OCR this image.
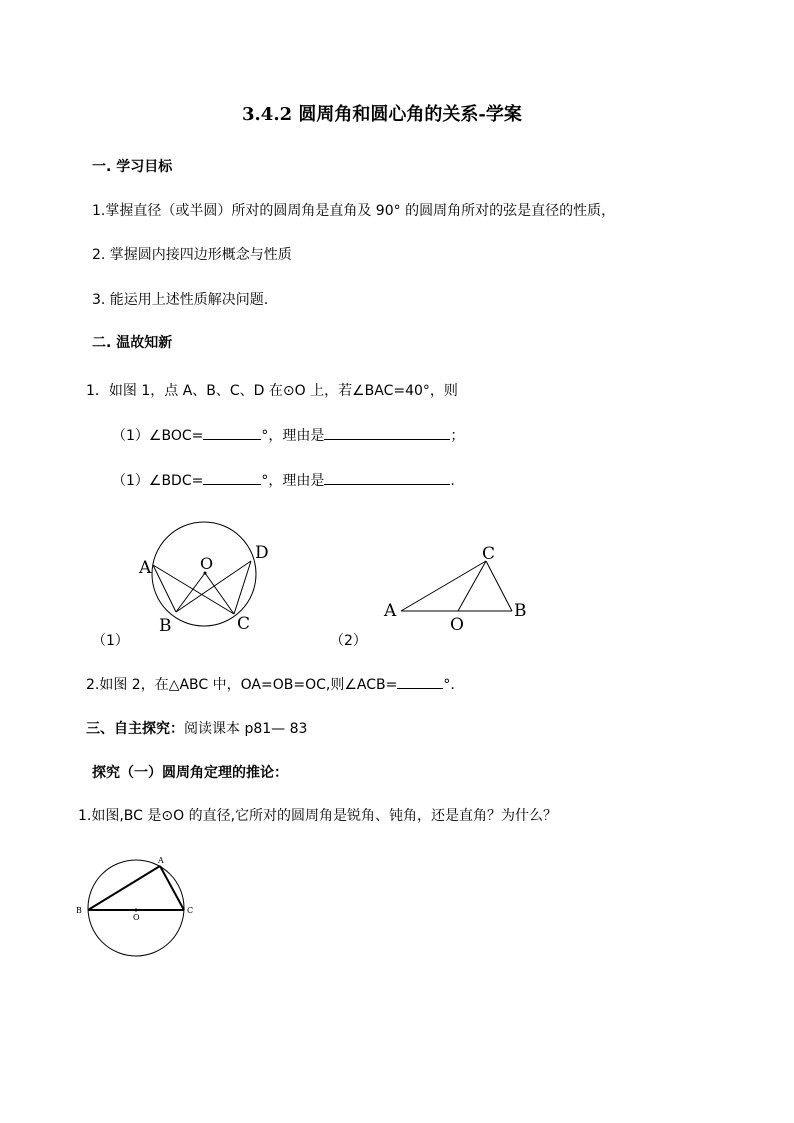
3.4.2 圆周角和圆心角的关系-学案
一. 学习目标
1.掌握直径（或半圆）所对的圆周角是直角及 90° 的圆周角所对的弦是直径的性质，
2. 掌握圆内接四边形概念与性质
3. 能运用上述性质解决问题.
二. 温故知新
1．如图 1，点 A、B、C、D 在⊙O 上，若∠BAC=40°，则
（1）∠BOC=	°，理由是	；
（1）∠BDC=	°，理由是	.
A
B	C
D
O
A	B
C
O
A
B	C
O
（1）	（2）
2.如图 2，在△ABC 中，OA=OB=OC,则∠ACB=	°.
三、自主探究：阅读课本 p81— 83
探究（一）圆周角定理的推论：
1.如图,BC 是⊙O 的直径,它所对的圆周角是锐角、钝角，还是直角？为什么？
